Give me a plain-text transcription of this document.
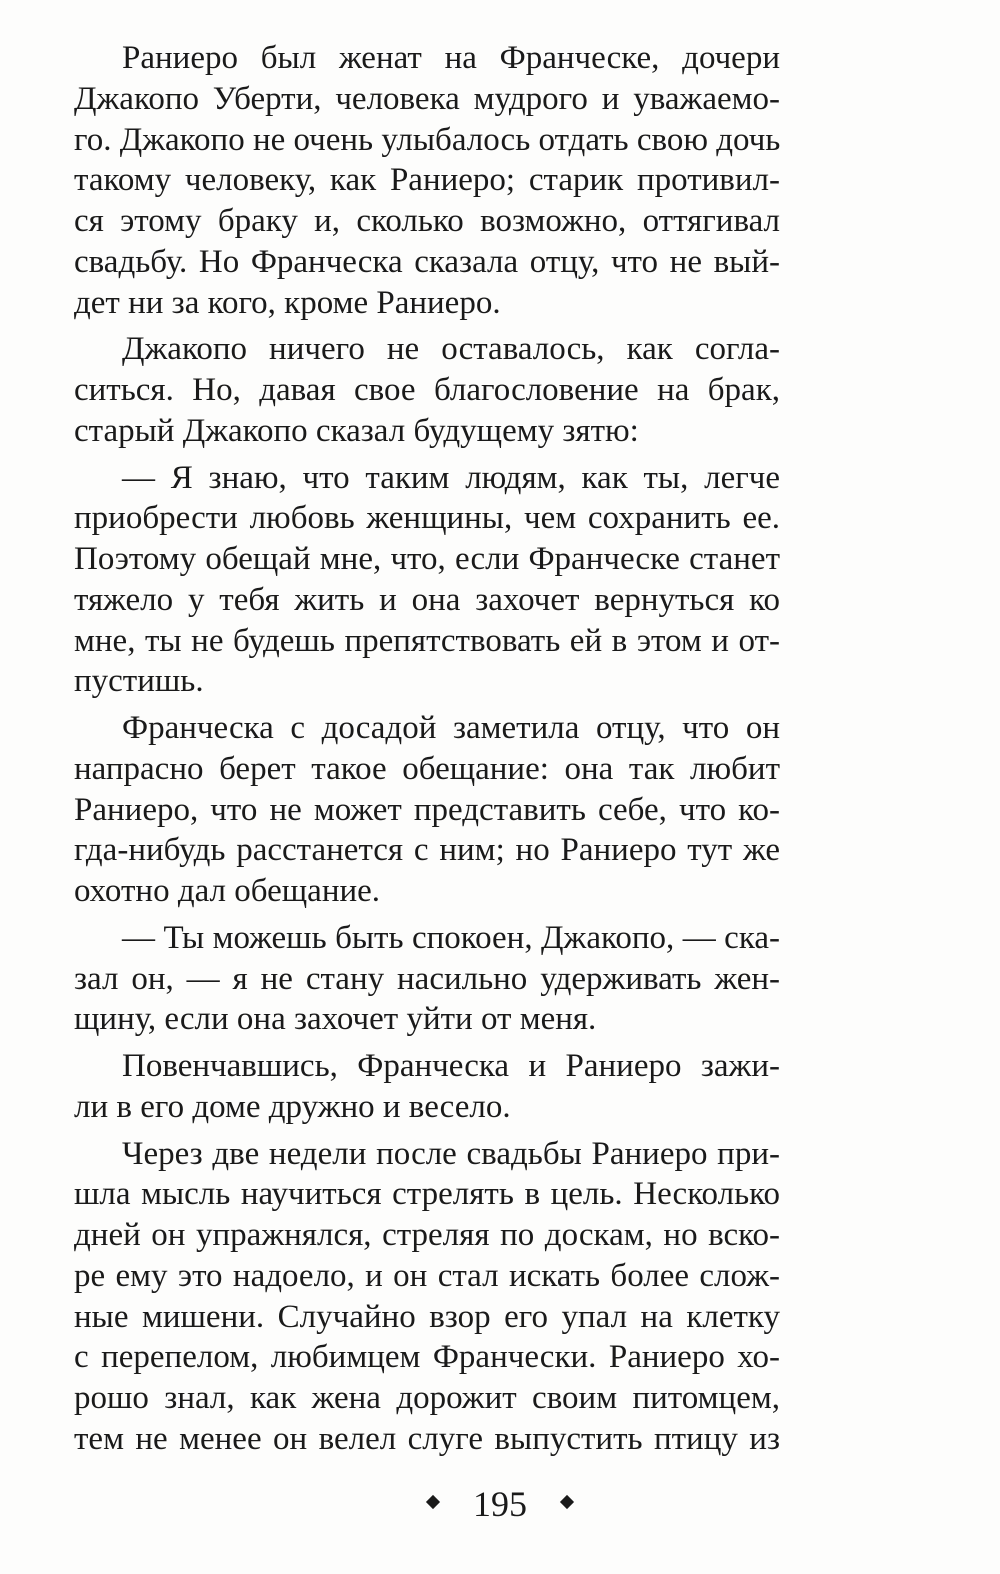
Раниеро был женат на Франческе, дочери
Джакопо Уберти, человека мудрого и уважаемо-
го. Джакопо не очень улыбалось отдать свою дочь
такому человеку, как Раниеро; старик противил-
ся этому браку и, сколько возможно, оттягивал
свадьбу. Но Франческа сказала отцу, что не вый-
дет ни за кого, кроме Раниеро.
Джакопо ничего не оставалось, как согла-
ситься. Но, давая свое благословение на брак,
старый Джакопо сказал будущему зятю:
— Я знаю, что таким людям, как ты, легче
приобрести любовь женщины, чем сохранить ее.
Поэтому обещай мне, что, если Франческе станет
тяжело у тебя жить и она захочет вернуться ко
мне, ты не будешь препятствовать ей в этом и от-
пустишь.
Франческа с досадой заметила отцу, что он
напрасно берет такое обещание: она так любит
Раниеро, что не может представить себе, что ко-
гда-нибудь расстанется с ним; но Раниеро тут же
охотно дал обещание.
— Ты можешь быть спокоен, Джакопо, — ска-
зал он, — я не стану насильно удерживать жен-
щину, если она захочет уйти от меня.
Повенчавшись, Франческа и Раниеро зажи-
ли в его доме дружно и весело.
Через две недели после свадьбы Раниеро при-
шла мысль научиться стрелять в цель. Несколько
дней он упражнялся, стреляя по доскам, но вско-
ре ему это надоело, и он стал искать более слож-
ные мишени. Случайно взор его упал на клетку
с перепелом, любимцем Франчески. Раниеро хо-
рошо знал, как жена дорожит своим питомцем,
тем не менее он велел слуге выпустить птицу из
195
